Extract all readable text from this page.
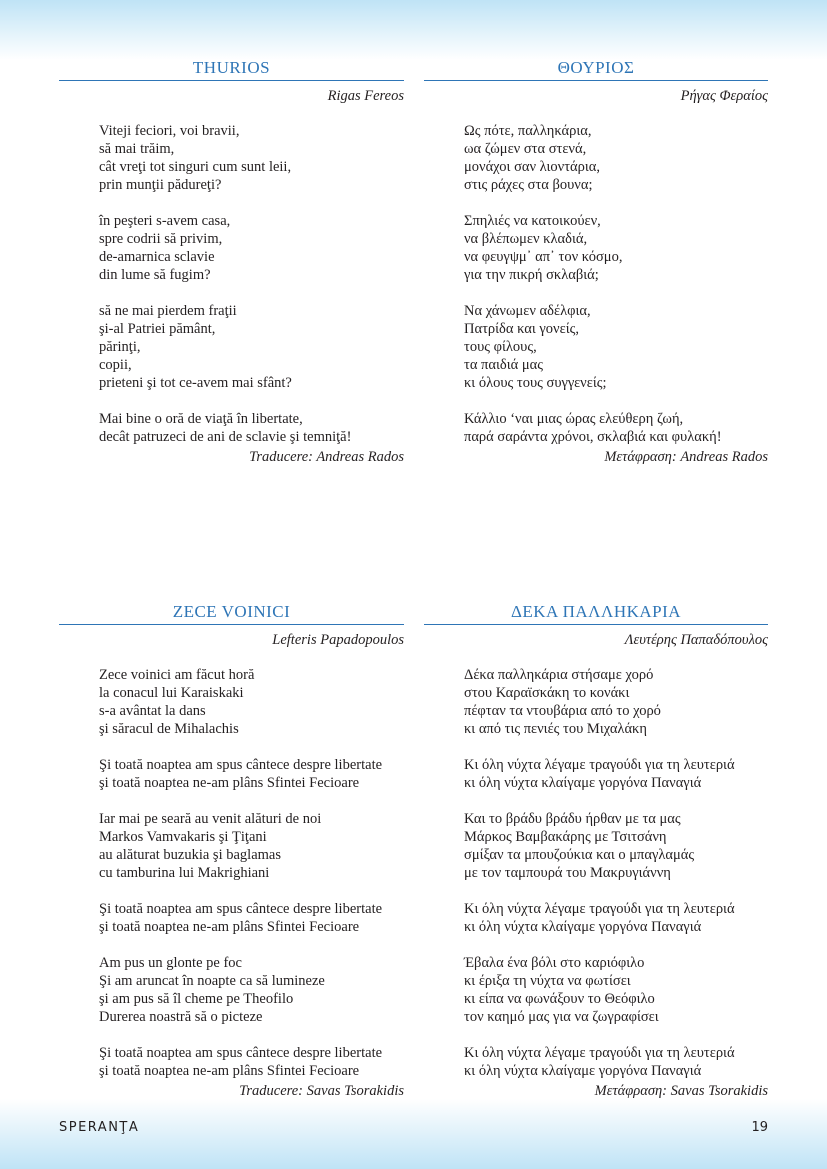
THURIOS
Rigas Fereos
Viteji feciori, voi bravii,
să mai trăim,
cât vreţi tot singuri cum sunt leii,
prin munţii pădureţi?
în peşteri s-avem casa,
spre codrii să privim,
de-amarnica sclavie
din lume să fugim?
să ne mai pierdem fraţii
şi-al Patriei pământ,
părinţi,
copii,
prieteni şi tot ce-avem mai sfânt?
Mai bine o oră de viaţă în libertate,
decât patruzeci de ani de sclavie şi temniţă!
Traducere: Andreas Rados
ΘΟΥΡΙΟΣ
Ρήγας Φεραίος
Ως πότε, παλληκάρια,
ωα ζώμεν στα στενά,
μονάχοι σαν λιοντάρια,
στις ράχες στα βουνα;
Σπηλιές να κατοικούεν,
να βλέπωμεν κλαδιά,
να φευγψμ᾽ απ᾽ τον κόσμο,
για την πικρή σκλαβιά;
Να χάνωμεν αδέλφια,
Πατρίδα και γονείς,
τους φίλους,
τα παιδιά μας
κι όλους τους συγγενείς;
Κάλλιο ‘ναι μιας ώρας ελεύθερη ζωή,
παρά σαράντα χρόνοι, σκλαβιά και φυλακή!
Μετάφραση: Andreas Rados
ZECE VOINICI
Lefteris Papadopoulos
Zece voinici am făcut horă
la conacul lui Karaiskaki
s-a avântat la dans
şi săracul de Mihalachis
Şi toată noaptea am spus cântece despre libertate
şi toată noaptea ne-am plâns Sfintei Fecioare
Iar mai pe seară au venit alături de noi
Markos Vamvakaris şi Ţiţani
au alăturat buzukia şi baglamas
cu tamburina lui Makrighiani
Şi toată noaptea am spus cântece despre libertate
şi toată noaptea ne-am plâns Sfintei Fecioare
Am pus un glonte pe foc
Şi am aruncat în noapte ca să lumineze
şi am pus să îl cheme pe Theofilo
Durerea noastră să o picteze
Şi toată noaptea am spus cântece despre libertate
şi toată noaptea ne-am plâns Sfintei Fecioare
Traducere: Savas Tsorakidis
ΔΕΚΑ ΠΑΛΛΗΚΑΡΙΑ
Λευτέρης Παπαδόπουλος
Δέκα παλληκάρια στήσαμε χορό
στου Καραϊσκάκη το κονάκι
πέφταν τα ντουβάρια από το χορό
κι από τις πενιές του Μιχαλάκη
Κι όλη νύχτα λέγαμε τραγούδι για τη λευτεριά
κι όλη νύχτα κλαίγαμε γοργόνα Παναγιά
Και το βράδυ βράδυ ήρθαν με τα μας
Μάρκος Βαμβακάρης με Τσιτσάνη
σμίξαν τα μπουζούκια και ο μπαγλαμάς
με τον ταμπουρά του Μακρυγιάννη
Κι όλη νύχτα λέγαμε τραγούδι για τη λευτεριά
κι όλη νύχτα κλαίγαμε γοργόνα Παναγιά
Έβαλα ένα βόλι στο καριόφιλο
κι έριξα τη νύχτα να φωτίσει
κι είπα να φωνάξουν το Θεόφιλο
τον καημό μας για να ζωγραφίσει
Κι όλη νύχτα λέγαμε τραγούδι για τη λευτεριά
κι όλη νύχτα κλαίγαμε γοργόνα Παναγιά
Μετάφραση: Savas Tsorakidis
SPERANŢA	19
